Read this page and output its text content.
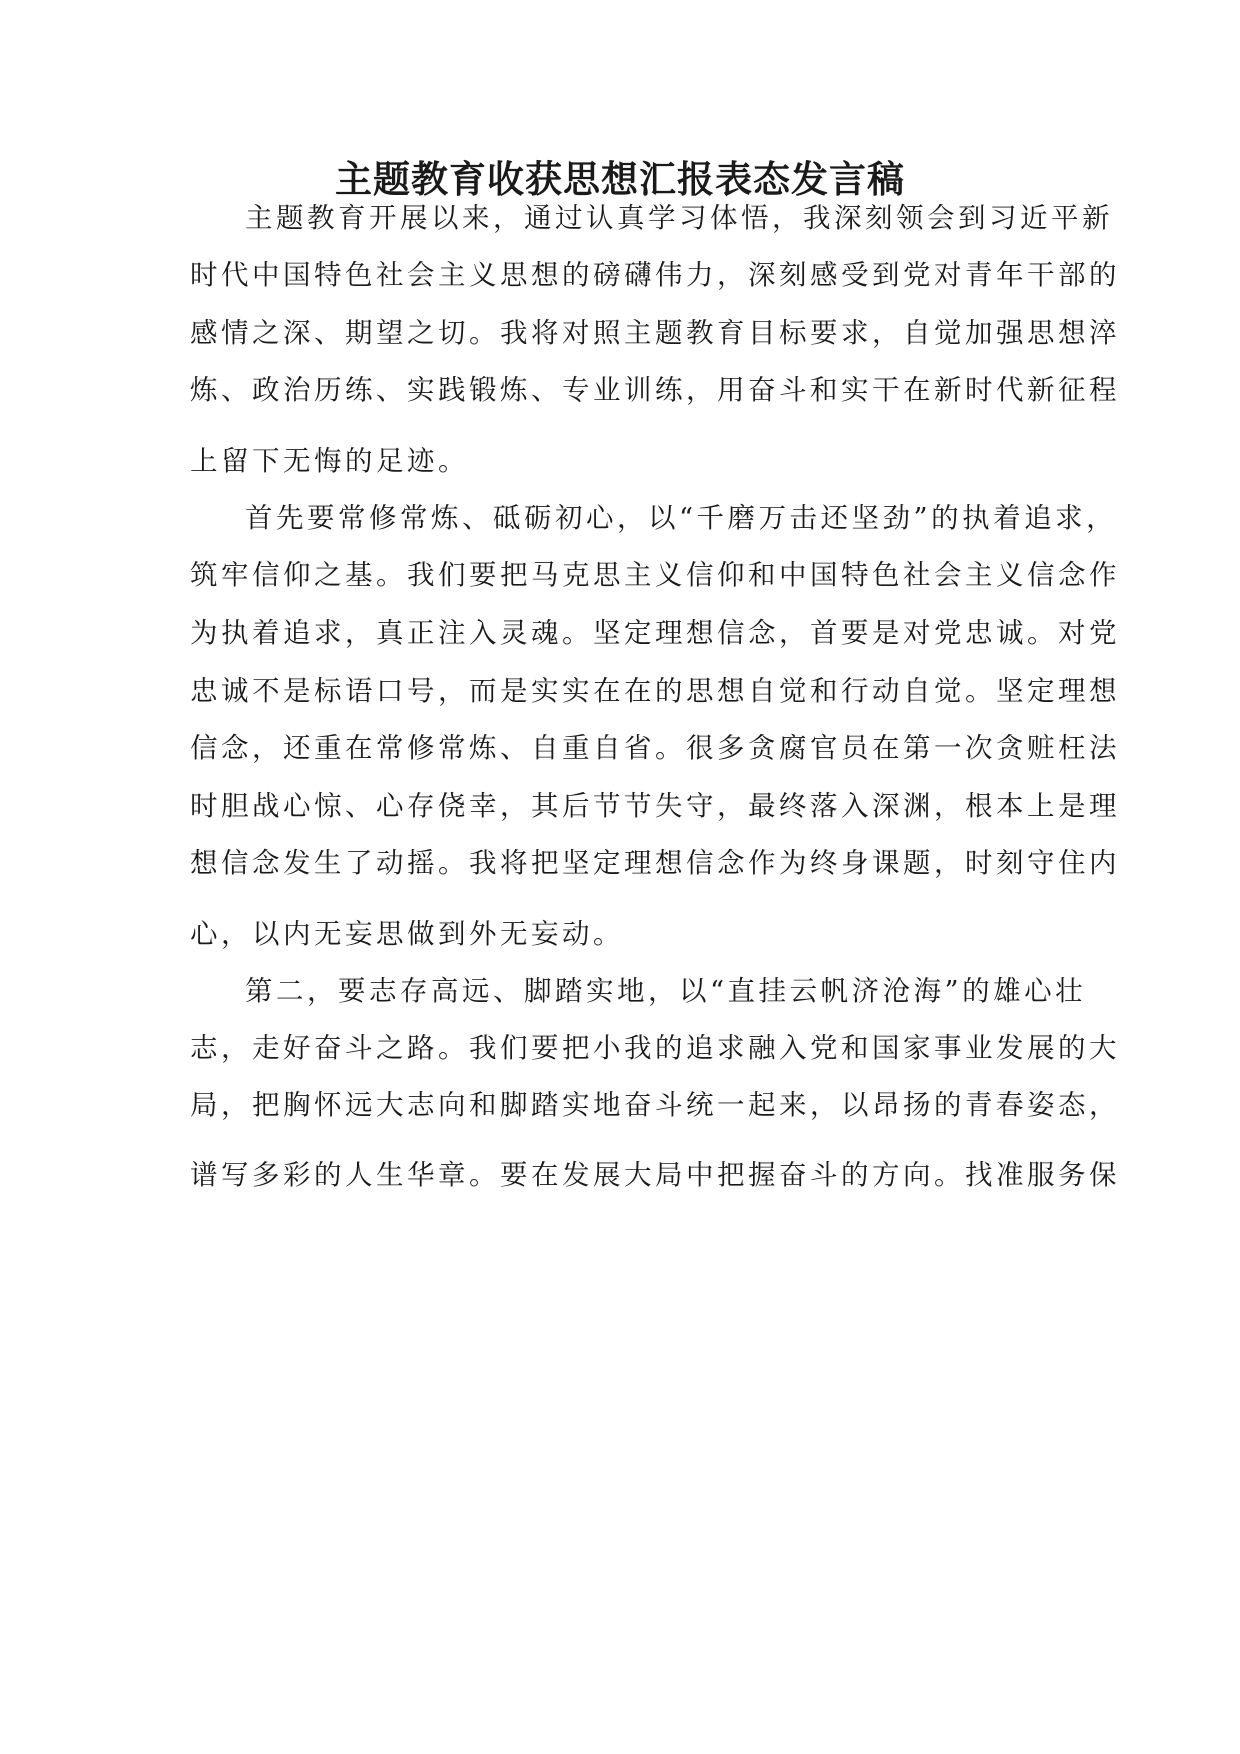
主题教育收获思想汇报表态发言稿

主题教育开展以来，通过认真学习体悟，我深刻领会到习近平新

时代中国特色社会主义思想的磅礴伟力，深刻感受到党对青年干部的

感情之深、期望之切。我将对照主题教育目标要求，自觉加强思想淬

炼、政治历练、实践锻炼、专业训练，用奋斗和实干在新时代新征程

上留下无悔的足迹。

首先要常修常炼、砥砺初心，以“千磨万击还坚劲”的执着追求，

筑牢信仰之基。我们要把马克思主义信仰和中国特色社会主义信念作

为执着追求，真正注入灵魂。坚定理想信念，首要是对党忠诚。对党

忠诚不是标语口号，而是实实在在的思想自觉和行动自觉。坚定理想

信念，还重在常修常炼、自重自省。很多贪腐官员在第一次贪赃枉法

时胆战心惊、心存侥幸，其后节节失守，最终落入深渊，根本上是理

想信念发生了动摇。我将把坚定理想信念作为终身课题，时刻守住内

心，以内无妄思做到外无妄动。

第二，要志存高远、脚踏实地，以“直挂云帆济沧海”的雄心壮

志，走好奋斗之路。我们要把小我的追求融入党和国家事业发展的大

局，把胸怀远大志向和脚踏实地奋斗统一起来，以昂扬的青春姿态，

谱写多彩的人生华章。要在发展大局中把握奋斗的方向。找准服务保
